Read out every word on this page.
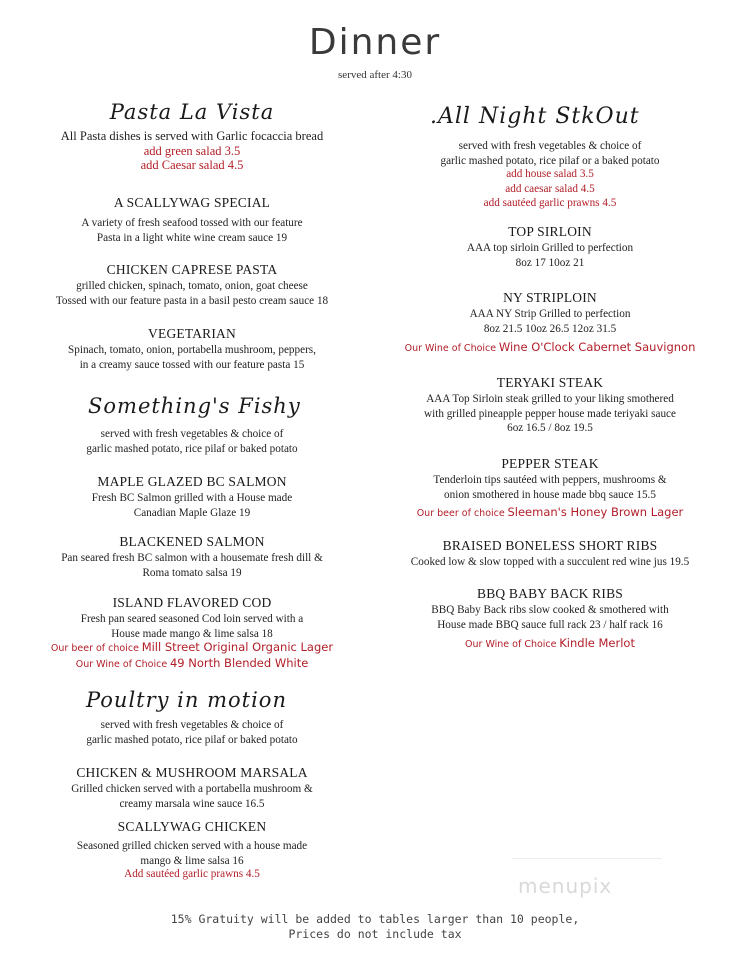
Dinner
served after 4:30
Pasta La Vista
All Pasta dishes is served with Garlic focaccia bread
add green salad 3.5
add Caesar salad 4.5
A SCALLYWAG SPECIAL
A variety of fresh seafood tossed with our feature
Pasta in a light white wine cream sauce 19
CHICKEN CAPRESE PASTA
grilled chicken, spinach, tomato, onion, goat cheese
Tossed with our feature pasta in a basil pesto cream sauce 18
VEGETARIAN
Spinach, tomato, onion, portabella mushroom, peppers,
in a creamy sauce tossed with our feature pasta 15
Something's Fishy
served with fresh vegetables & choice of
garlic mashed potato, rice pilaf or baked potato
MAPLE GLAZED BC SALMON
Fresh BC Salmon grilled with a House made
Canadian Maple Glaze 19
BLACKENED SALMON
Pan seared fresh BC salmon with a housemate fresh dill &
Roma tomato salsa 19
ISLAND FLAVORED COD
Fresh pan seared seasoned Cod loin served with a
House made mango & lime salsa 18
Our beer of choice Mill Street Original Organic Lager
Our Wine of Choice 49 North Blended White
Poultry in motion
served with fresh vegetables & choice of
garlic mashed potato, rice pilaf or baked potato
CHICKEN & MUSHROOM MARSALA
Grilled chicken served with a portabella mushroom &
creamy marsala wine sauce 16.5
SCALLYWAG CHICKEN
Seasoned grilled chicken served with a house made
mango & lime salsa 16
Add sautéed garlic prawns 4.5
.All Night StkOut
served with fresh vegetables & choice of
garlic mashed potato, rice pilaf or a baked potato
add house salad 3.5
add caesar salad 4.5
add sautéed garlic prawns 4.5
TOP SIRLOIN
AAA top sirloin Grilled to perfection
8oz 17 10oz 21
NY STRIPLOIN
AAA NY Strip Grilled to perfection
8oz 21.5 10oz 26.5 12oz 31.5
Our Wine of Choice Wine O'Clock Cabernet Sauvignon
TERYAKI STEAK
AAA Top Sirloin steak grilled to your liking smothered
with grilled pineapple pepper house made teriyaki sauce
6oz 16.5 / 8oz 19.5
PEPPER STEAK
Tenderloin tips sautéed with peppers, mushrooms &
onion smothered in house made bbq sauce 15.5
Our beer of choice Sleeman's Honey Brown Lager
BRAISED BONELESS SHORT RIBS
Cooked low & slow topped with a succulent red wine jus 19.5
BBQ BABY BACK RIBS
BBQ Baby Back ribs slow cooked & smothered with
House made BBQ sauce full rack 23 / half rack 16
Our Wine of Choice Kindle Merlot
menupix
15% Gratuity will be added to tables larger than 10 people,
Prices do not include tax
